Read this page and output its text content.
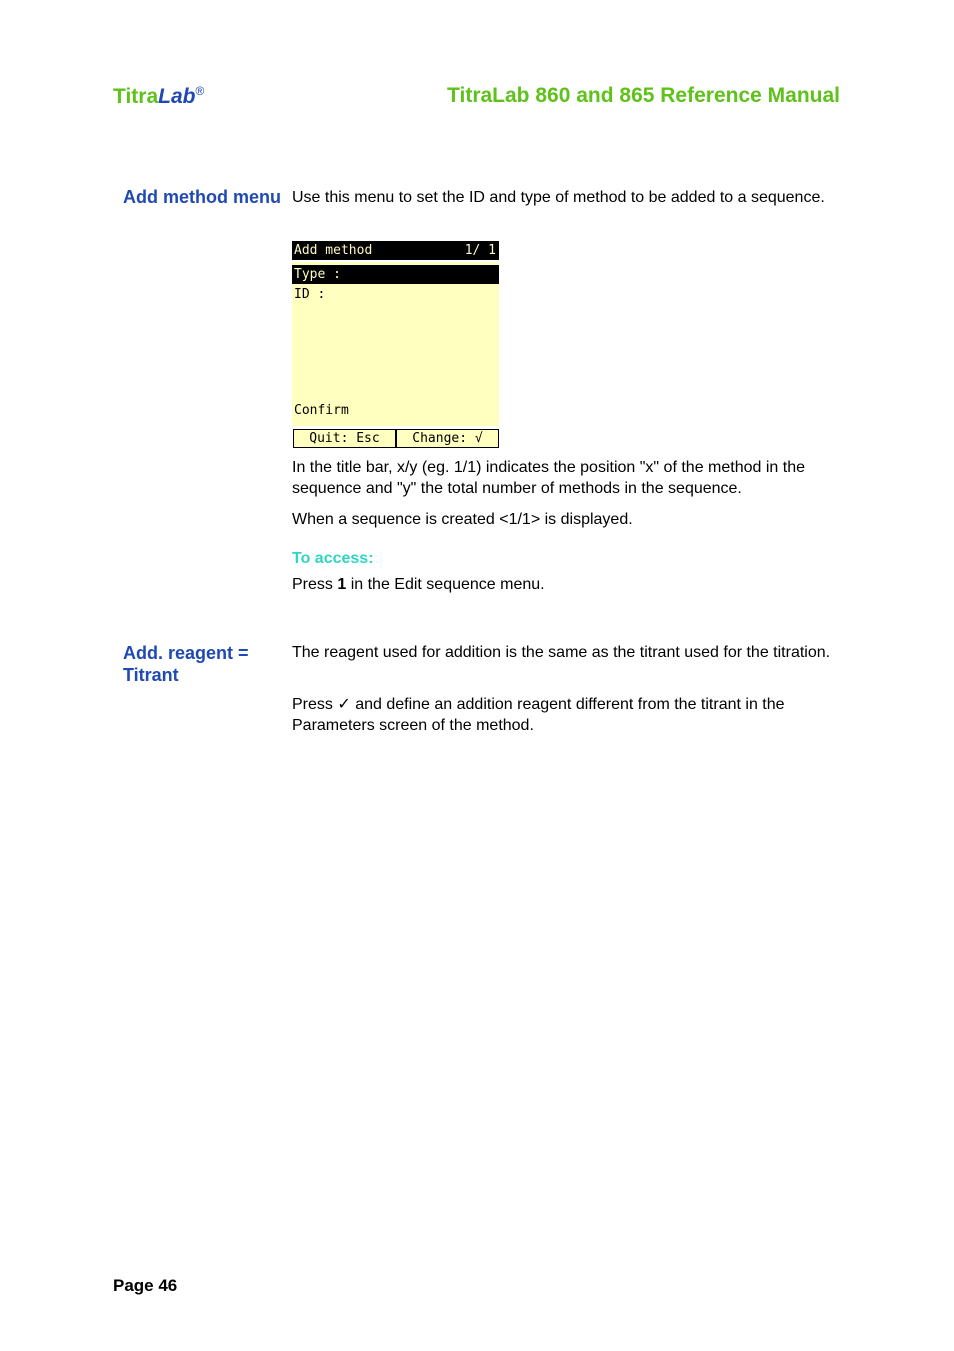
TitraLab®	TitraLab 860 and 865 Reference Manual
Add method menu Use this menu to set the ID and type of method to be added to a sequence.
Add method	1/ 1
Type :
ID :
Confirm
Quit: Esc	Change: √
In the title bar, x/y (eg. 1/1) indicates the position "x" of the method in the sequence and "y" the total number of methods in the sequence.
When a sequence is created <1/1> is displayed.
To access:
Press 1 in the Edit sequence menu.
Add. reagent =
Titrant
The reagent used for addition is the same as the titrant used for the titration.
Press ✓ and define an addition reagent different from the titrant in the Parameters screen of the method.
Page 46
